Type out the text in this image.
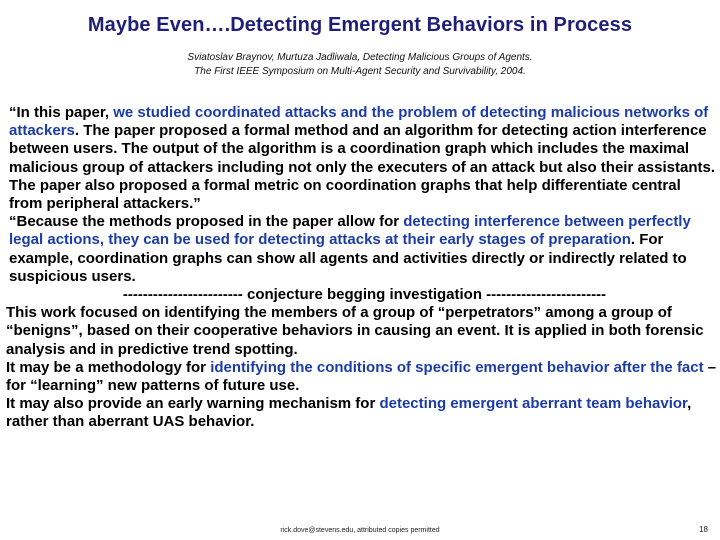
Maybe Even….Detecting Emergent Behaviors in Process
Sviatoslav Braynov, Murtuza Jadliwala, Detecting Malicious Groups of Agents.
The First IEEE Symposium on Multi-Agent Security and Survivability, 2004.

“In this paper, we studied coordinated attacks and the problem of detecting malicious networks of attackers. The paper proposed a formal method and an algorithm for detecting action interference between users. The output of the algorithm is a coordination graph which includes the maximal malicious group of attackers including not only the executers of an attack but also their assistants. The paper also proposed a formal metric on coordination graphs that help differentiate central from peripheral attackers.”

“Because the methods proposed in the paper allow for detecting interference between perfectly legal actions, they can be used for detecting attacks at their early stages of preparation. For example, coordination graphs can show all agents and activities directly or indirectly related to suspicious users.

------------------------ conjecture begging investigation ------------------------

This work focused on identifying the members of a group of “perpetrators” among a group of “benigns”, based on their cooperative behaviors in causing an event. It is applied in both forensic analysis and in predictive trend spotting.

It may be a methodology for identifying the conditions of specific emergent behavior after the fact – for “learning” new patterns of future use.

It may also provide an early warning mechanism for detecting emergent aberrant team behavior, rather than aberrant UAS behavior.

rick.dove@stevens.edu, attributed copies permitted	18
